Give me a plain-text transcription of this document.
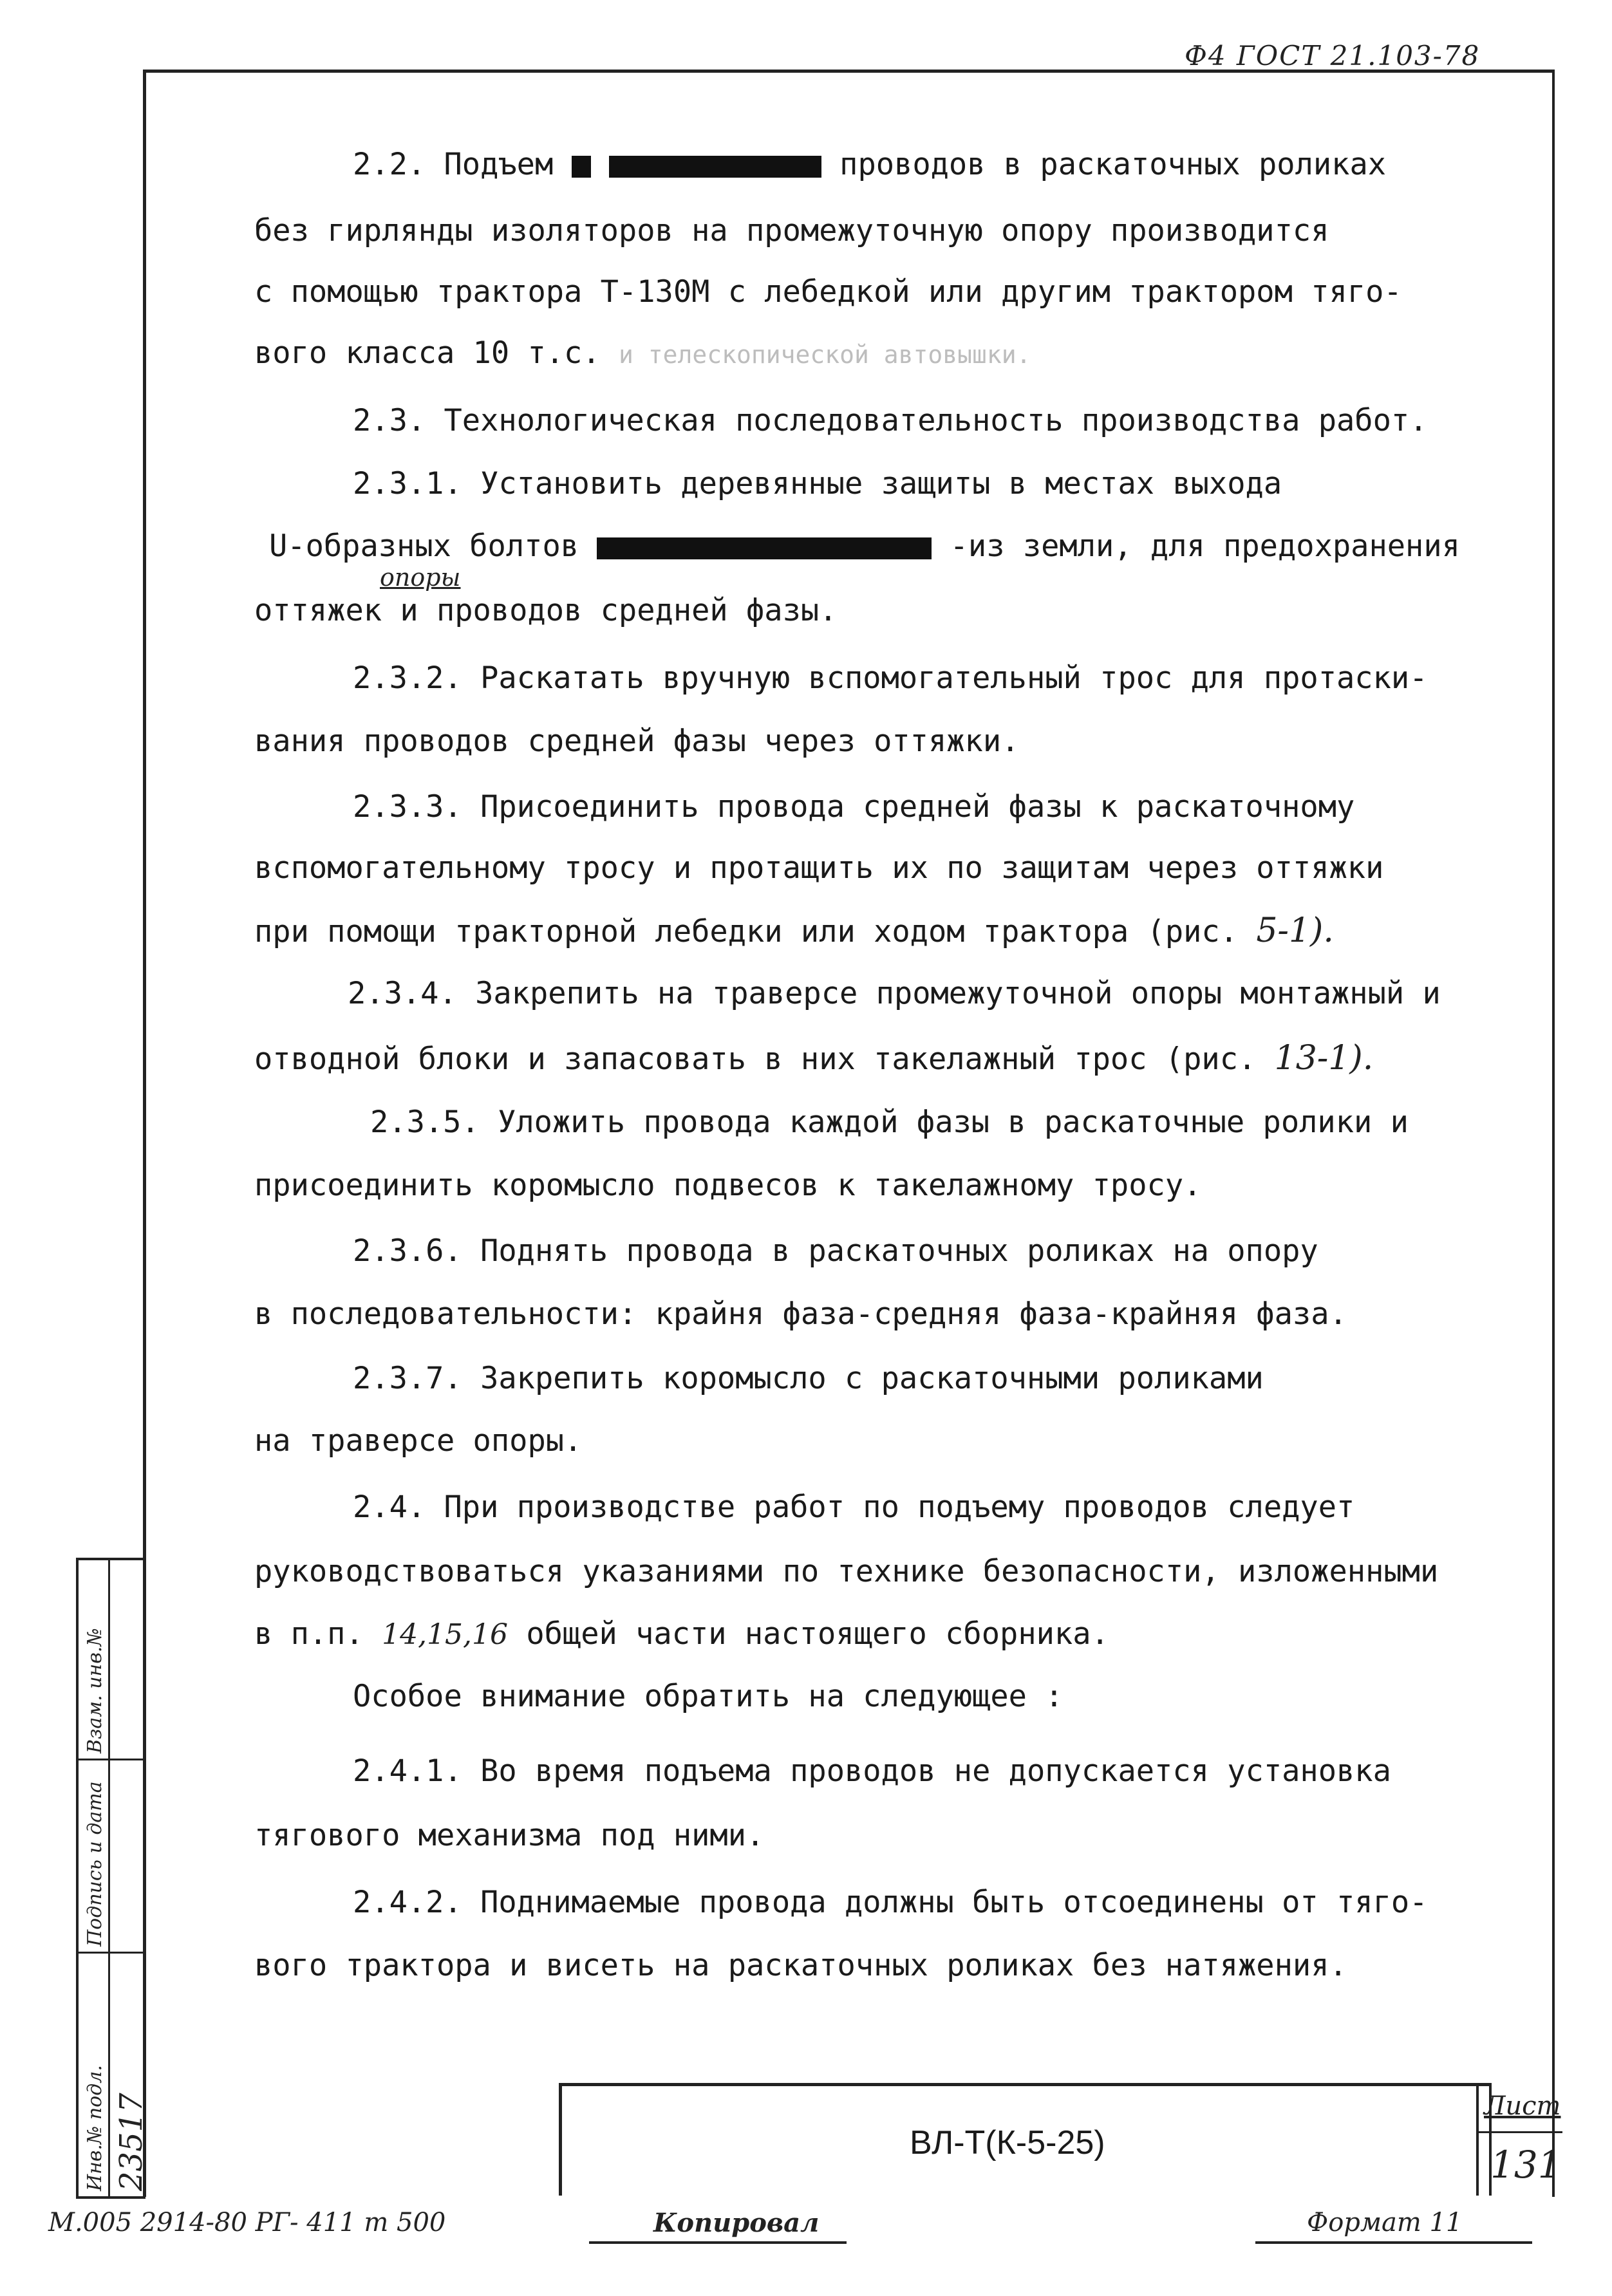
Ф4 ГОСТ 21.103-78
2.2. Подъем	проводов в раскаточных роликах
без гирлянды изоляторов на промежуточную опору производится
с помощью трактора Т-130М с лебедкой или другим трактором тяго-
вого класса 10 т.с. и телескопической автовышки.
2.3. Технологическая последовательность производства работ.
2.3.1. Установить деревянные защиты в местах выхода
U-образных болтов	-из земли, для предохранения
опоры
оттяжек и проводов средней фазы.
2.3.2. Раскатать вручную вспомогательный трос для протаски-
вания проводов средней фазы через оттяжки.
2.3.3. Присоединить провода средней фазы к раскаточному
вспомогательному тросу и протащить их по защитам через оттяжки
при помощи тракторной лебедки или ходом трактора (рис. 5-1).
2.3.4. Закрепить на траверсе промежуточной опоры монтажный и
отводной блоки и запасовать в них такелажный трос (рис. 13-1).
2.3.5. Уложить провода каждой фазы в раскаточные ролики и
присоединить коромысло подвесов к такелажному тросу.
2.3.6. Поднять провода в раскаточных роликах на опору
в последовательности: крайня фаза-средняя фаза-крайняя фаза.
2.3.7. Закрепить коромысло с раскаточными роликами
на траверсе опоры.
2.4. При производстве работ по подъему проводов следует
руководствоваться указаниями по технике безопасности, изложенными
в п.п. 14,15,16 общей части настоящего сборника.
Особое внимание обратить на следующее :
2.4.1. Во время подъема проводов не допускается установка
тягового механизма под ними.
2.4.2. Поднимаемые провода должны быть отсоединены от тяго-
вого трактора и висеть на раскаточных роликах без натяжения.
ВЛ-Т(К-5-25)
Лист
131
Взам. инв.№
Подпись и дата
Инв.№ подл. 23517
М.005 2914-80 РГ- 411 т 500	Копировал	Формат 11
